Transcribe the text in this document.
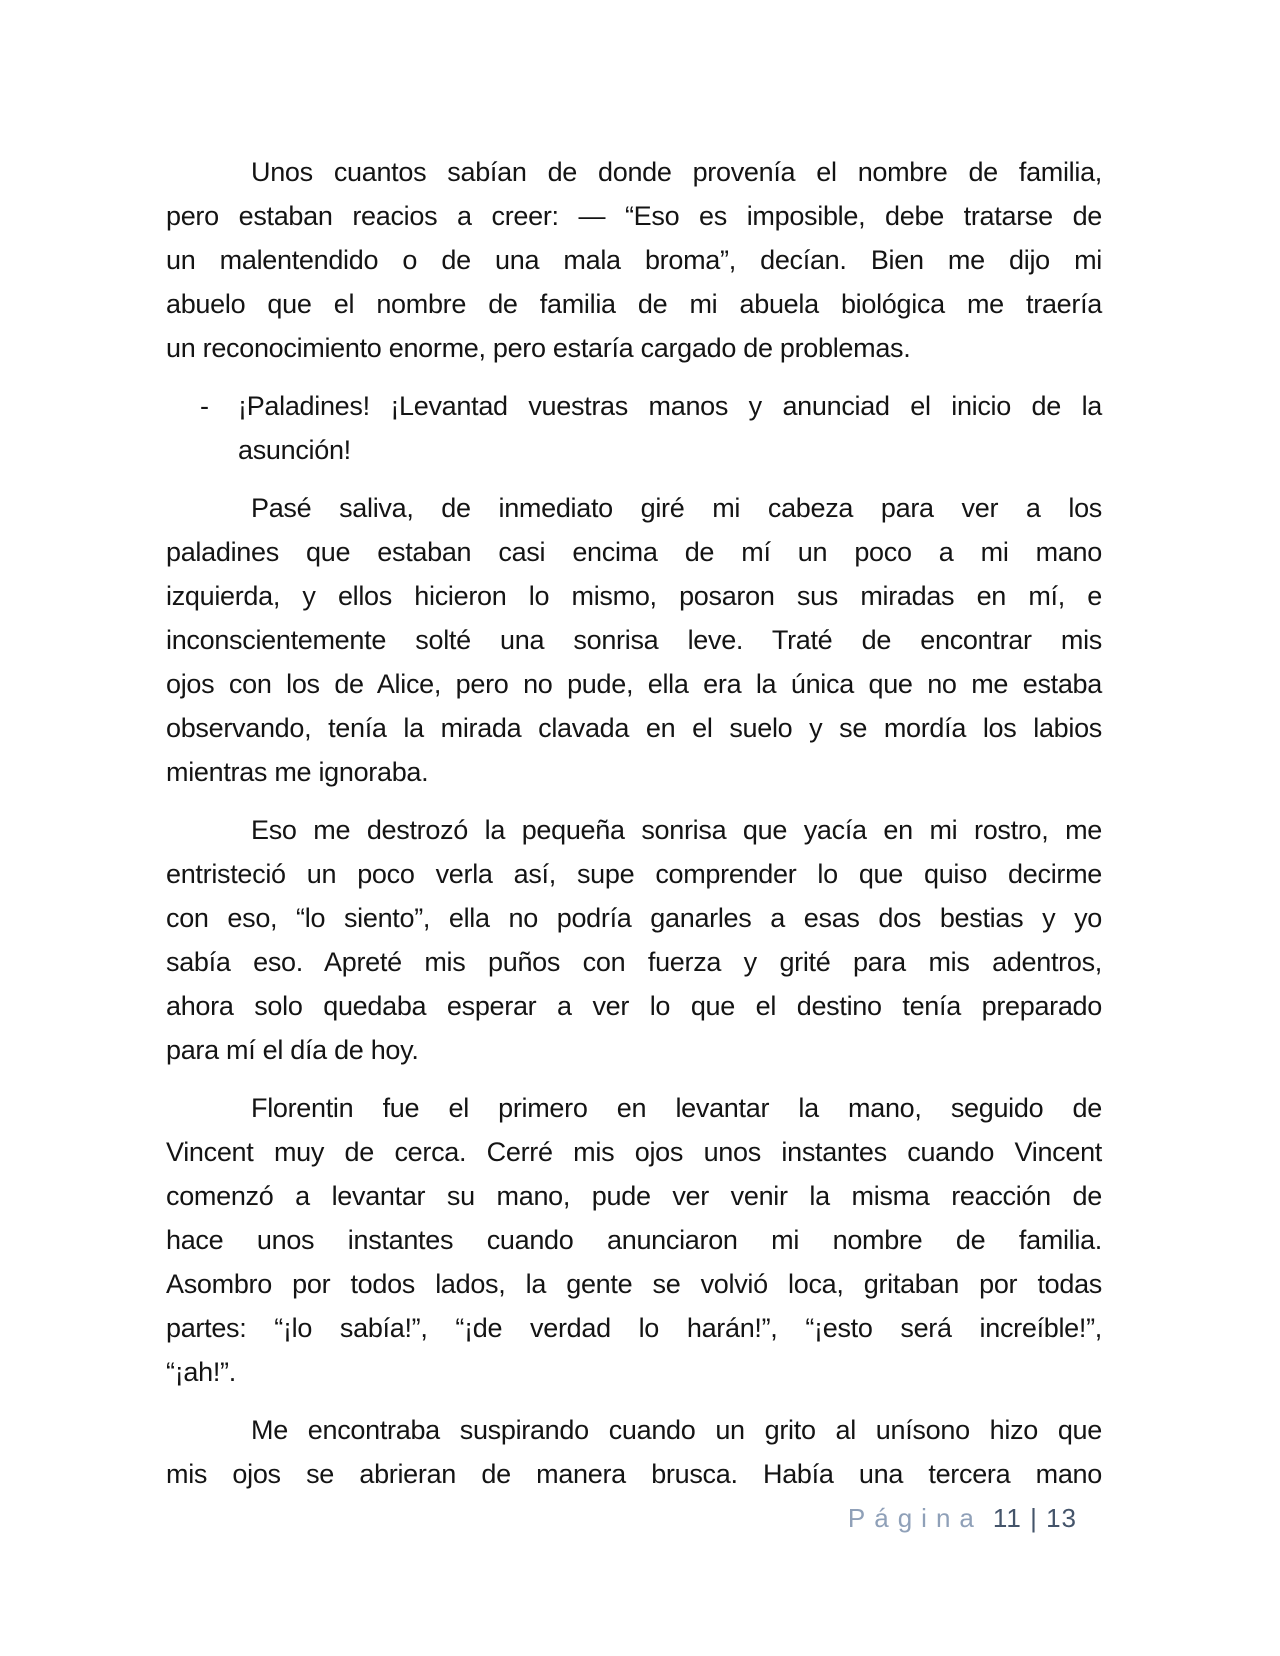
Unos cuantos sabían de donde provenía el nombre de familia,
pero estaban reacios a creer: — “Eso es imposible, debe tratarse de
un malentendido o de una mala broma”, decían. Bien me dijo mi
abuelo que el nombre de familia de mi abuela biológica me traería
un reconocimiento enorme, pero estaría cargado de problemas.
- ¡Paladines! ¡Levantad vuestras manos y anunciad el inicio de la
asunción!
Pasé saliva, de inmediato giré mi cabeza para ver a los
paladines que estaban casi encima de mí un poco a mi mano
izquierda, y ellos hicieron lo mismo, posaron sus miradas en mí, e
inconscientemente solté una sonrisa leve. Traté de encontrar mis
ojos con los de Alice, pero no pude, ella era la única que no me estaba
observando, tenía la mirada clavada en el suelo y se mordía los labios
mientras me ignoraba.
Eso me destrozó la pequeña sonrisa que yacía en mi rostro, me
entristeció un poco verla así, supe comprender lo que quiso decirme
con eso, “lo siento”, ella no podría ganarles a esas dos bestias y yo
sabía eso. Apreté mis puños con fuerza y grité para mis adentros,
ahora solo quedaba esperar a ver lo que el destino tenía preparado
para mí el día de hoy.
Florentin fue el primero en levantar la mano, seguido de
Vincent muy de cerca. Cerré mis ojos unos instantes cuando Vincent
comenzó a levantar su mano, pude ver venir la misma reacción de
hace unos instantes cuando anunciaron mi nombre de familia.
Asombro por todos lados, la gente se volvió loca, gritaban por todas
partes: “¡lo sabía!”, “¡de verdad lo harán!”, “¡esto será increíble!”,
“¡ah!”.
Me encontraba suspirando cuando un grito al unísono hizo que
mis ojos se abrieran de manera brusca. Había una tercera mano
Página 11 | 13
